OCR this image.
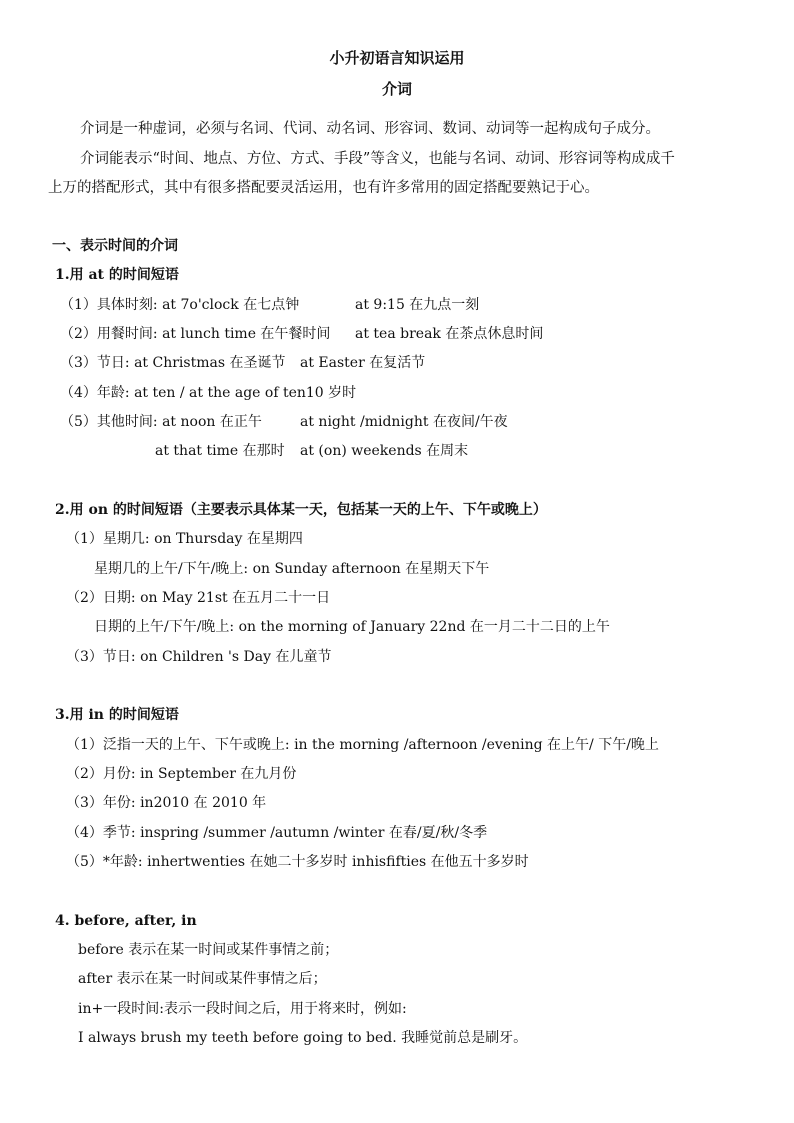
小升初语言知识运用
介词
介词是一种虚词，必须与名词、代词、动名词、形容词、数词、动词等一起构成句子成分。
介词能表示“时间、地点、方位、方式、手段”等含义，也能与名词、动词、形容词等构成成千
上万的搭配形式，其中有很多搭配要灵活运用，也有许多常用的固定搭配要熟记于心。
一、表示时间的介词
1.用 at 的时间短语
（1）具体时刻: at 7o'clock 在七点钟	at 9:15 在九点一刻
（2）用餐时间: at lunch time 在午餐时间 at tea break 在茶点休息时间
（3）节日: at Christmas 在圣诞节 at Easter 在复活节
（4）年龄: at ten / at the age of ten10 岁时
（5）其他时间: at noon 在正午	at night /midnight 在夜间/午夜
at that time 在那时 at (on) weekends 在周末
2.用 on 的时间短语（主要表示具体某一天，包括某一天的上午、下午或晚上）
（1）星期几: on Thursday 在星期四
星期几的上午/下午/晚上: on Sunday afternoon 在星期天下午
（2）日期: on May 21st 在五月二十一日
日期的上午/下午/晚上: on the morning of January 22nd 在一月二十二日的上午
（3）节日: on Children 's Day 在儿童节
3.用 in 的时间短语
（1）泛指一天的上午、下午或晚上: in the morning /afternoon /evening 在上午/ 下午/晚上
（2）月份: in September 在九月份
（3）年份: in2010 在 2010 年
（4）季节: inspring /summer /autumn /winter 在春/夏/秋/冬季
（5）*年龄: inhertwenties 在她二十多岁时 inhisfifties 在他五十多岁时
4. before, after, in
before 表示在某一时间或某件事情之前；
after 表示在某一时间或某件事情之后；
in+一段时间:表示一段时间之后，用于将来时，例如:
I always brush my teeth before going to bed. 我睡觉前总是刷牙。
